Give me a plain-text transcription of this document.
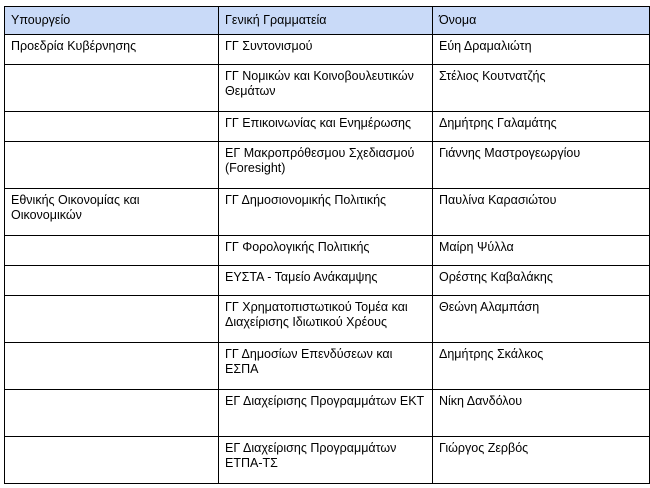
Υπουργείο	Γενική Γραμματεία	Όνομα
Προεδρία Κυβέρνησης	ΓΓ Συντονισμού	Εύη Δραμαλιώτη
	ΓΓ Νομικών και Κοινοβουλευτικών Θεμάτων	Στέλιος Κουτνατζής
	ΓΓ Επικοινωνίας και Ενημέρωσης	Δημήτρης Γαλαμάτης
	ΕΓ Μακροπρόθεσμου Σχεδιασμού (Foresight)	Γιάννης Μαστρογεωργίου
Εθνικής Οικονομίας και Οικονομικών	ΓΓ Δημοσιονομικής Πολιτικής	Παυλίνα Καρασιώτου
	ΓΓ Φορολογικής Πολιτικής	Μαίρη Ψύλλα
	ΕΥΣΤΑ - Ταμείο Ανάκαμψης	Ορέστης Καβαλάκης
	ΓΓ Χρηματοπιστωτικού Τομέα και Διαχείρισης Ιδιωτικού Χρέους	Θεώνη Αλαμπάση
	ΓΓ Δημοσίων Επενδύσεων και ΕΣΠΑ	Δημήτρης Σκάλκος
	ΕΓ Διαχείρισης Προγραμμάτων ΕΚΤ	Νίκη Δανδόλου
	ΕΓ Διαχείρισης Προγραμμάτων ΕΤΠΑ-ΤΣ	Γιώργος Ζερβός
